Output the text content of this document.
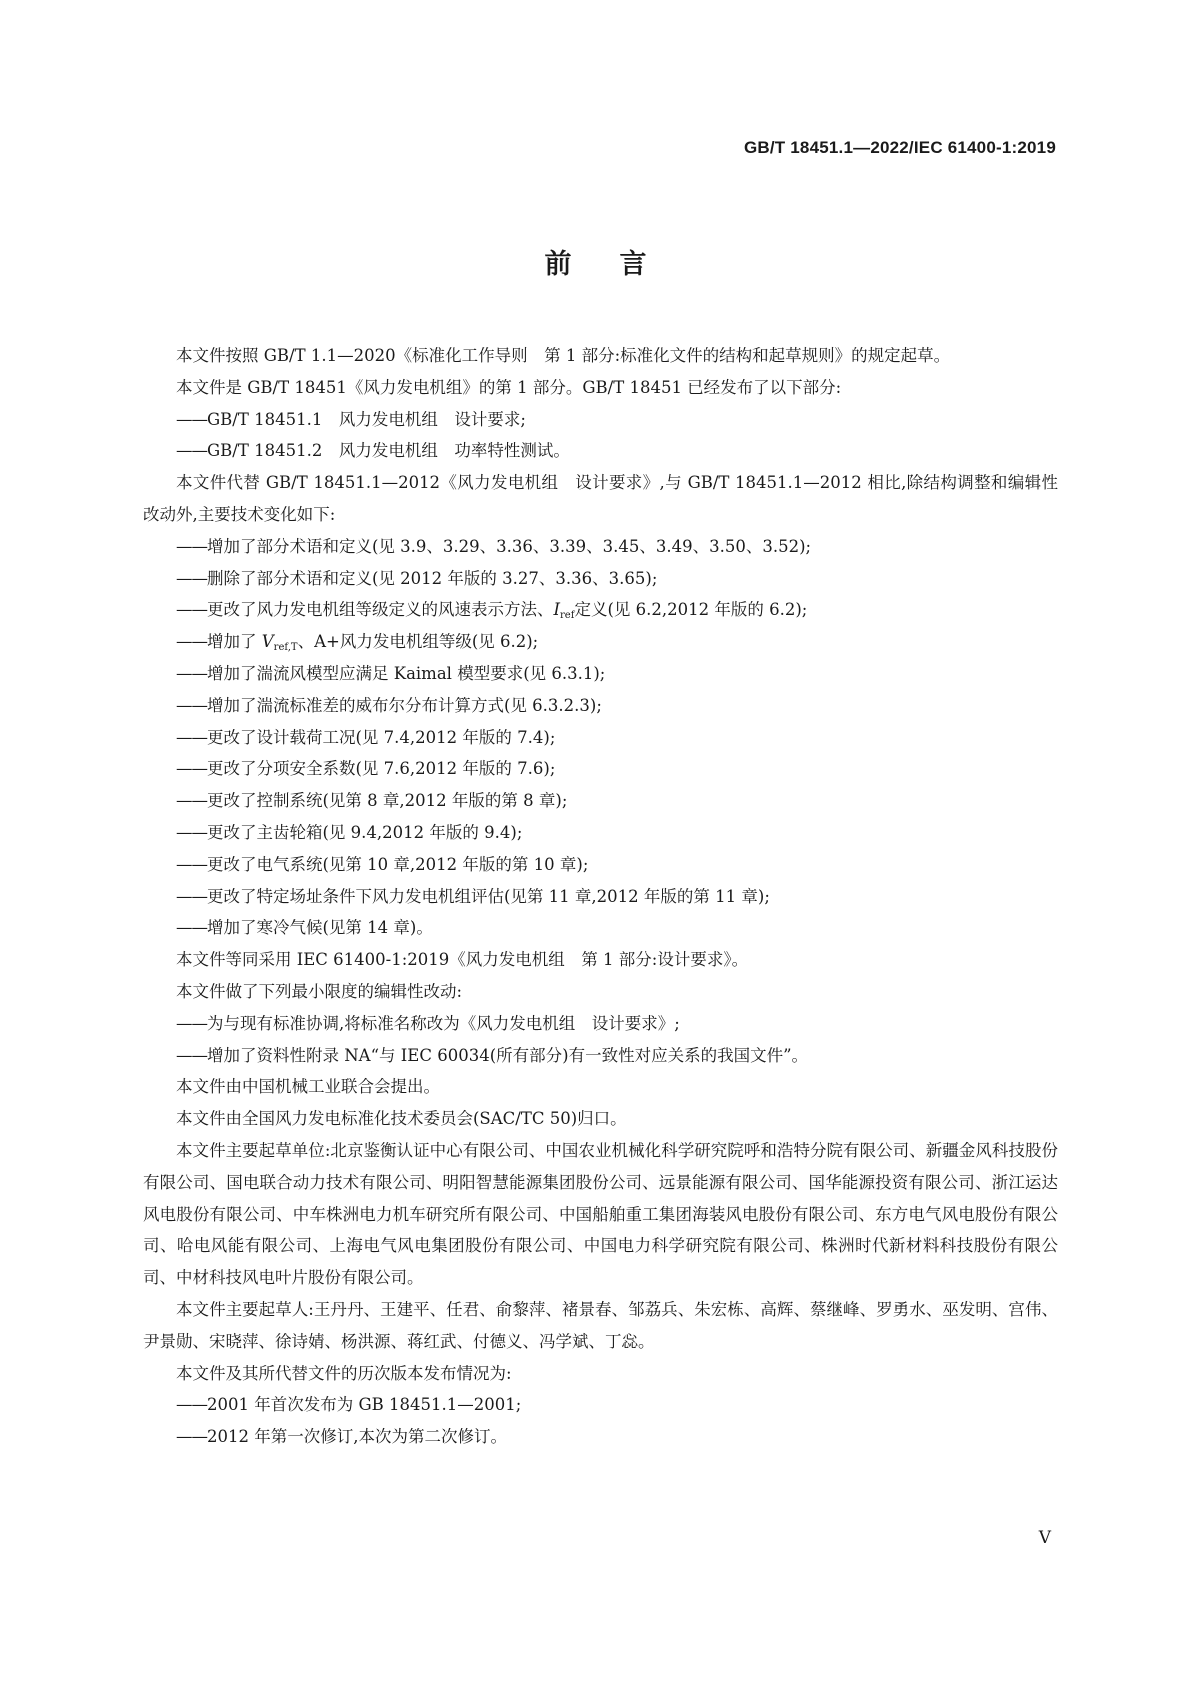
GB/T 18451.1—2022/IEC 61400-1:2019
前言

本文件按照 GB/T 1.1—2020《标准化工作导则　第 1 部分:标准化文件的结构和起草规则》的规定起草。

本文件是 GB/T 18451《风力发电机组》的第 1 部分。GB/T 18451 已经发布了以下部分:

——GB/T 18451.1　风力发电机组　设计要求;

——GB/T 18451.2　风力发电机组　功率特性测试。

本文件代替 GB/T 18451.1—2012《风力发电机组　设计要求》,与 GB/T 18451.1—2012 相比,除结构调整和编辑性改动外,主要技术变化如下:

——增加了部分术语和定义(见 3.9、3.29、3.36、3.39、3.45、3.49、3.50、3.52);

——删除了部分术语和定义(见 2012 年版的 3.27、3.36、3.65);

——更改了风力发电机组等级定义的风速表示方法、$I_{ref}$定义(见 6.2,2012 年版的 6.2);

——增加了 $V_{ref,T}$、A+风力发电机组等级(见 6.2);

——增加了湍流风模型应满足 Kaimal 模型要求(见 6.3.1);

——增加了湍流标准差的威布尔分布计算方式(见 6.3.2.3);

——更改了设计载荷工况(见 7.4,2012 年版的 7.4);

——更改了分项安全系数(见 7.6,2012 年版的 7.6);

——更改了控制系统(见第 8 章,2012 年版的第 8 章);

——更改了主齿轮箱(见 9.4,2012 年版的 9.4);

——更改了电气系统(见第 10 章,2012 年版的第 10 章);

——更改了特定场址条件下风力发电机组评估(见第 11 章,2012 年版的第 11 章);

——增加了寒冷气候(见第 14 章)。

本文件等同采用 IEC 61400-1:2019《风力发电机组　第 1 部分:设计要求》。

本文件做了下列最小限度的编辑性改动:

——为与现有标准协调,将标准名称改为《风力发电机组　设计要求》;

——增加了资料性附录 NA“与 IEC 60034(所有部分)有一致性对应关系的我国文件”。

本文件由中国机械工业联合会提出。

本文件由全国风力发电标准化技术委员会(SAC/TC 50)归口。

本文件主要起草单位:北京鉴衡认证中心有限公司、中国农业机械化科学研究院呼和浩特分院有限公司、新疆金风科技股份有限公司、国电联合动力技术有限公司、明阳智慧能源集团股份公司、远景能源有限公司、国华能源投资有限公司、浙江运达风电股份有限公司、中车株洲电力机车研究所有限公司、中国船舶重工集团海装风电股份有限公司、东方电气风电股份有限公司、哈电风能有限公司、上海电气风电集团股份有限公司、中国电力科学研究院有限公司、株洲时代新材料科技股份有限公司、中材科技风电叶片股份有限公司。

本文件主要起草人:王丹丹、王建平、任君、俞黎萍、褚景春、邹荔兵、朱宏栋、高辉、蔡继峰、罗勇水、巫发明、宫伟、尹景勋、宋晓萍、徐诗婧、杨洪源、蒋红武、付德义、冯学斌、丁惢。

本文件及其所代替文件的历次版本发布情况为:

——2001 年首次发布为 GB 18451.1—2001;

——2012 年第一次修订,本次为第二次修订。

V
